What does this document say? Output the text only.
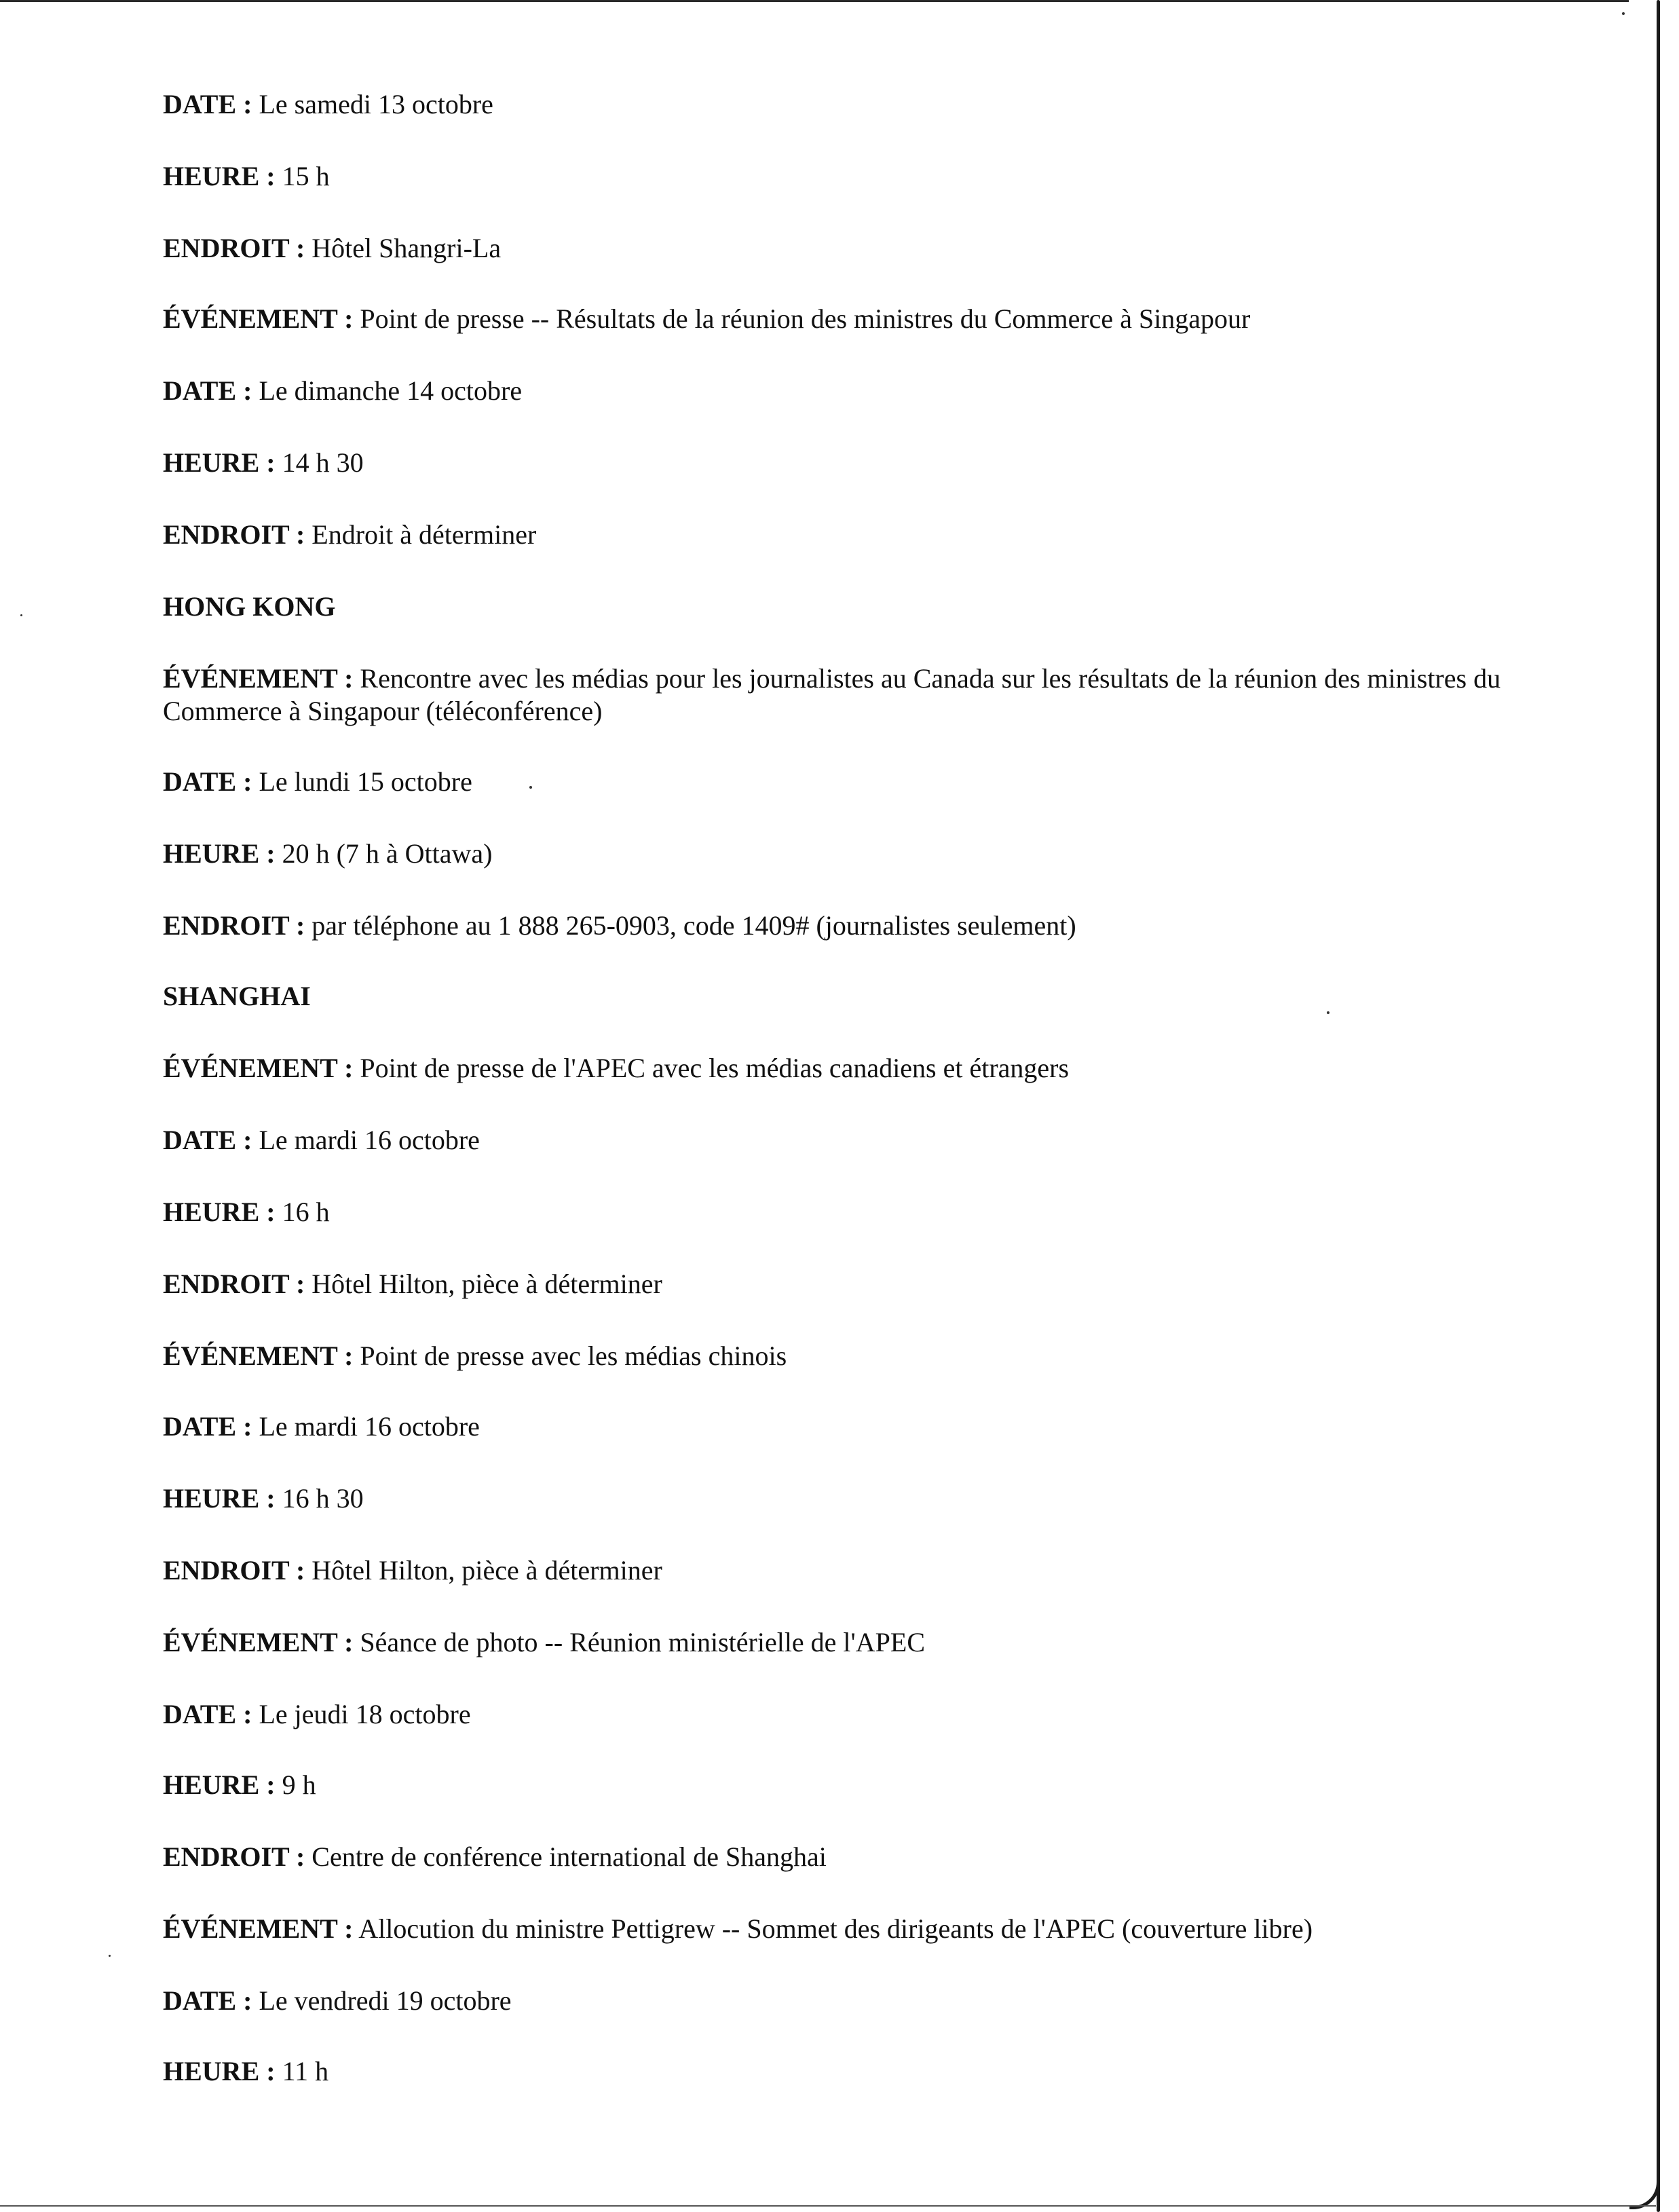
DATE : Le samedi 13 octobre

HEURE : 15 h

ENDROIT : Hôtel Shangri-La

ÉVÉNEMENT : Point de presse -- Résultats de la réunion des ministres du Commerce à Singapour

DATE : Le dimanche 14 octobre

HEURE : 14 h 30

ENDROIT : Endroit à déterminer

HONG KONG

ÉVÉNEMENT : Rencontre avec les médias pour les journalistes au Canada sur les résultats de la réunion des ministres du Commerce à Singapour (téléconférence)

DATE : Le lundi 15 octobre

HEURE : 20 h (7 h à Ottawa)

ENDROIT : par téléphone au 1 888 265-0903, code 1409# (journalistes seulement)

SHANGHAI

ÉVÉNEMENT : Point de presse de l'APEC avec les médias canadiens et étrangers

DATE : Le mardi 16 octobre

HEURE : 16 h

ENDROIT : Hôtel Hilton, pièce à déterminer

ÉVÉNEMENT : Point de presse avec les médias chinois

DATE : Le mardi 16 octobre

HEURE : 16 h 30

ENDROIT : Hôtel Hilton, pièce à déterminer

ÉVÉNEMENT : Séance de photo -- Réunion ministérielle de l'APEC

DATE : Le jeudi 18 octobre

HEURE : 9 h

ENDROIT : Centre de conférence international de Shanghai

ÉVÉNEMENT : Allocution du ministre Pettigrew -- Sommet des dirigeants de l'APEC (couverture libre)

DATE : Le vendredi 19 octobre

HEURE : 11 h
